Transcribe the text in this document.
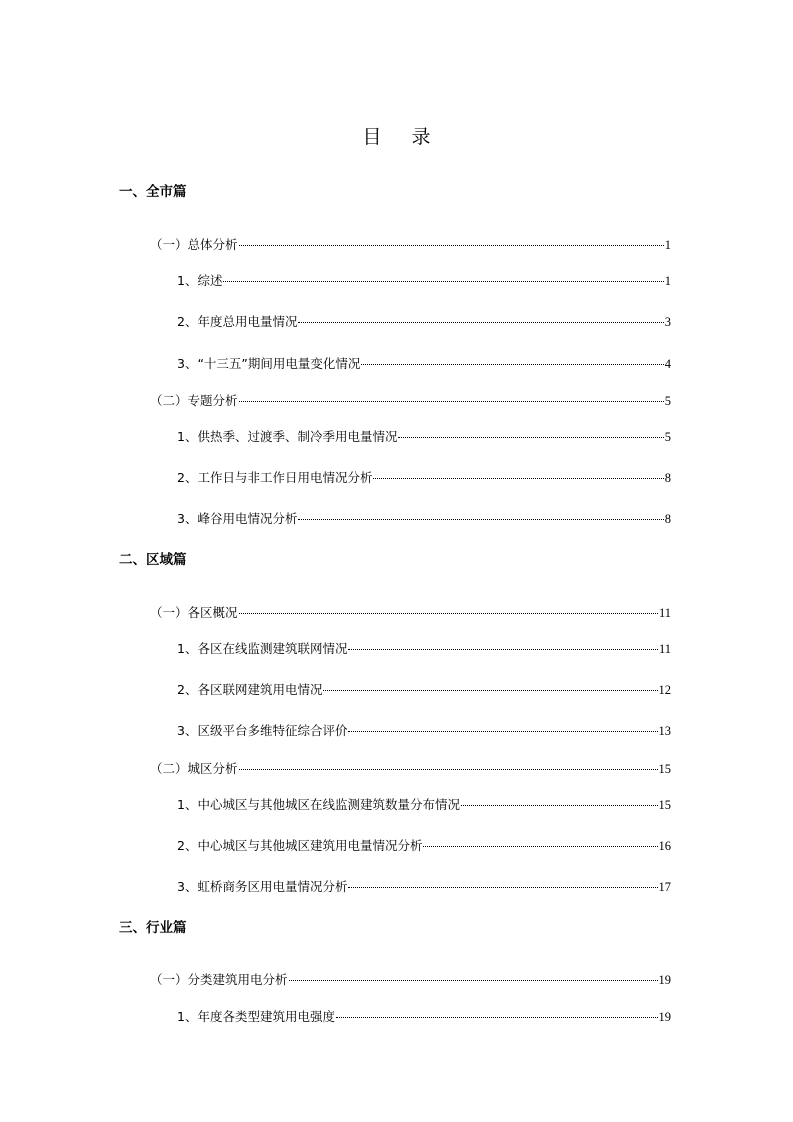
目 录
一、全市篇
（一）总体分析	1
1、综述	1
2、年度总用电量情况	3
3、“十三五”期间用电量变化情况	4
（二）专题分析	5
1、供热季、过渡季、制冷季用电量情况	5
2、工作日与非工作日用电情况分析	8
3、峰谷用电情况分析	8
二、区域篇
（一）各区概况	11
1、各区在线监测建筑联网情况	11
2、各区联网建筑用电情况	12
3、区级平台多维特征综合评价	13
（二）城区分析	15
1、中心城区与其他城区在线监测建筑数量分布情况	15
2、中心城区与其他城区建筑用电量情况分析	16
3、虹桥商务区用电量情况分析	17
三、行业篇
（一）分类建筑用电分析	19
1、年度各类型建筑用电强度	19
